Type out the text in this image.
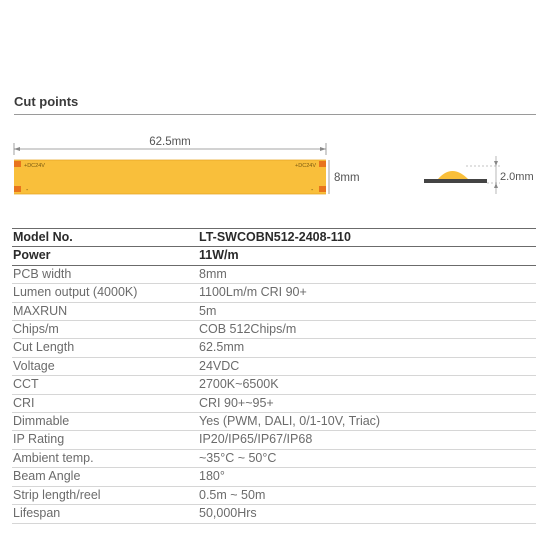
Cut points
62.5mm
+DC24V	+DC24V
-	-
8mm	2.0mm
Model No.	LT-SWCOBN512-2408-110
Power	11W/m
PCB width	8mm
Lumen output (4000K)	1100Lm/m CRI 90+
MAXRUN	5m
Chips/m	COB 512Chips/m
Cut Length	62.5mm
Voltage	24VDC
CCT	2700K~6500K
CRI	CRI 90+~95+
Dimmable	Yes (PWM, DALI, 0/1-10V, Triac)
IP Rating	IP20/IP65/IP67/IP68
Ambient temp.	~35°C ~ 50°C
Beam Angle	180°
Strip length/reel	0.5m ~ 50m
Lifespan	50,000Hrs
